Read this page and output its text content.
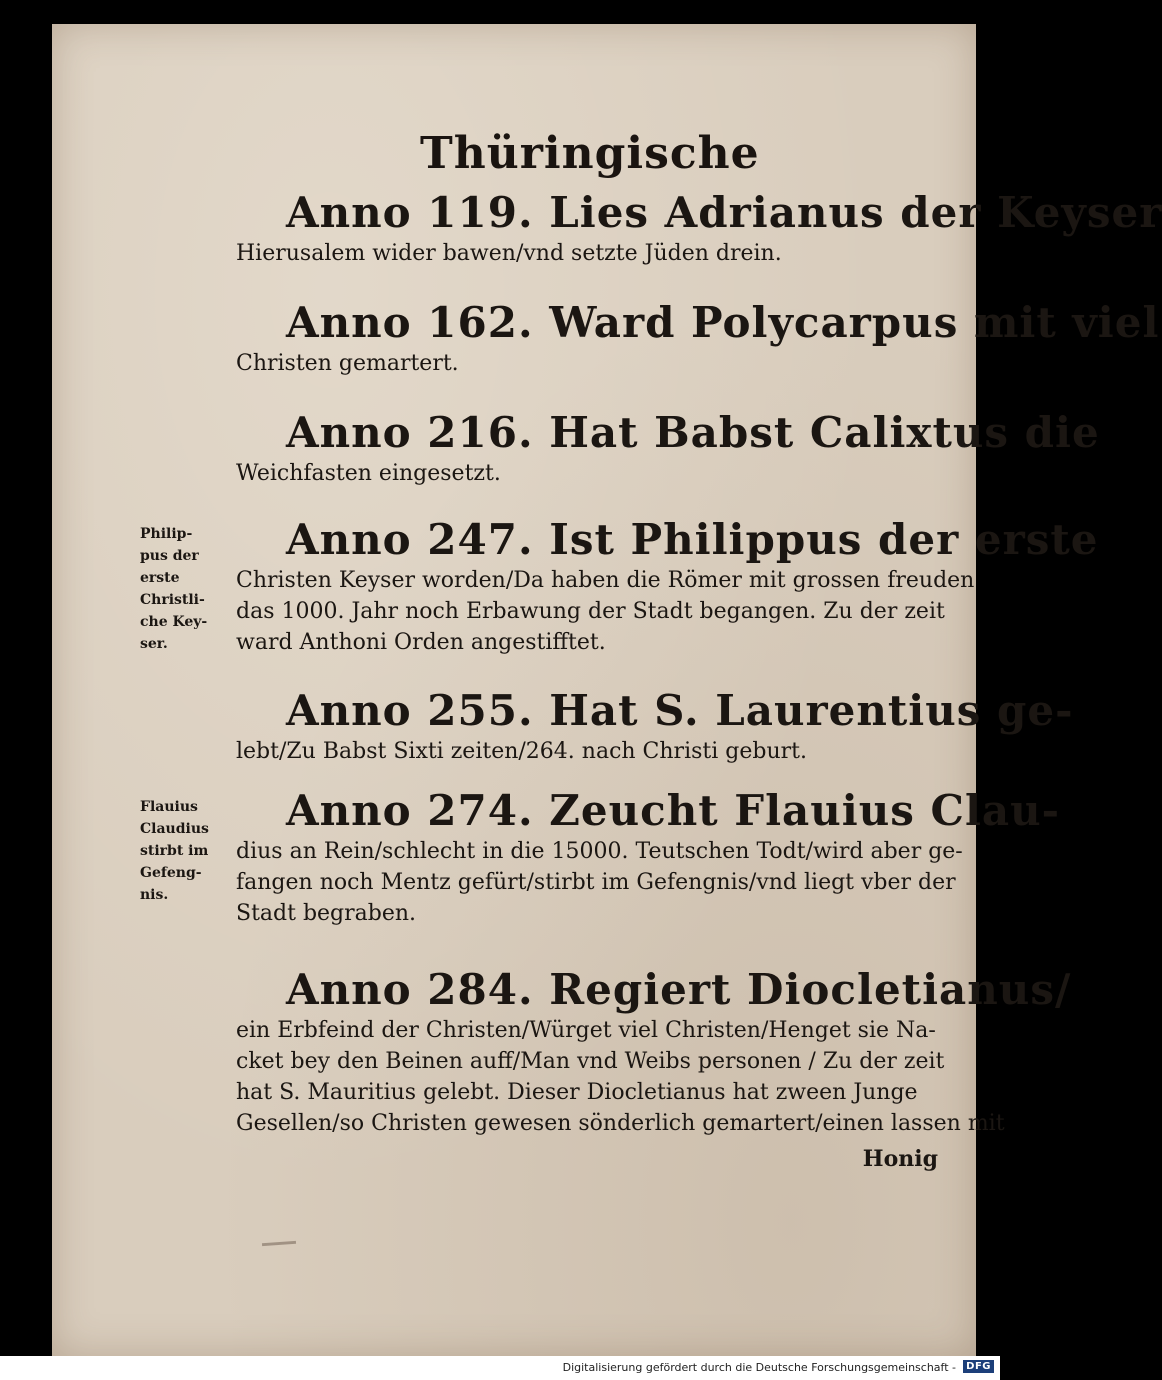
Thüringische
Anno 119. Lies Adrianus der Keyser
Hierusalem wider bawen/vnd setzte Jüden drein.
Anno 162. Ward Polycarpus mit viel
Christen gemartert.
Anno 216. Hat Babst Calixtus die
Weichfasten eingesetzt.
Philip-
pus der
erste
Christli-
che Key-
ser.
Anno 247. Ist Philippus der erste
Christen Keyser worden/Da haben die Römer mit grossen freuden
das 1000. Jahr noch Erbawung der Stadt begangen. Zu der zeit
ward Anthoni Orden angestifftet.
Anno 255. Hat S. Laurentius ge-
lebt/Zu Babst Sixti zeiten/264. nach Christi geburt.
Flauius
Claudius
stirbt im
Gefeng-
nis.
Anno 274. Zeucht Flauius Clau-
dius an Rein/schlecht in die 15000. Teutschen Todt/wird aber ge-
fangen noch Mentz gefürt/stirbt im Gefengnis/vnd liegt vber der
Stadt begraben.
Anno 284. Regiert Diocletianus/
ein Erbfeind der Christen/Würget viel Christen/Henget sie Na-
cket bey den Beinen auff/Man vnd Weibs personen / Zu der zeit
hat S. Mauritius gelebt. Dieser Diocletianus hat zween Junge
Gesellen/so Christen gewesen sönderlich gemartert/einen lassen mit
Honig
Digitalisierung gefördert durch die Deutsche Forschungsgemeinschaft -	DFG
